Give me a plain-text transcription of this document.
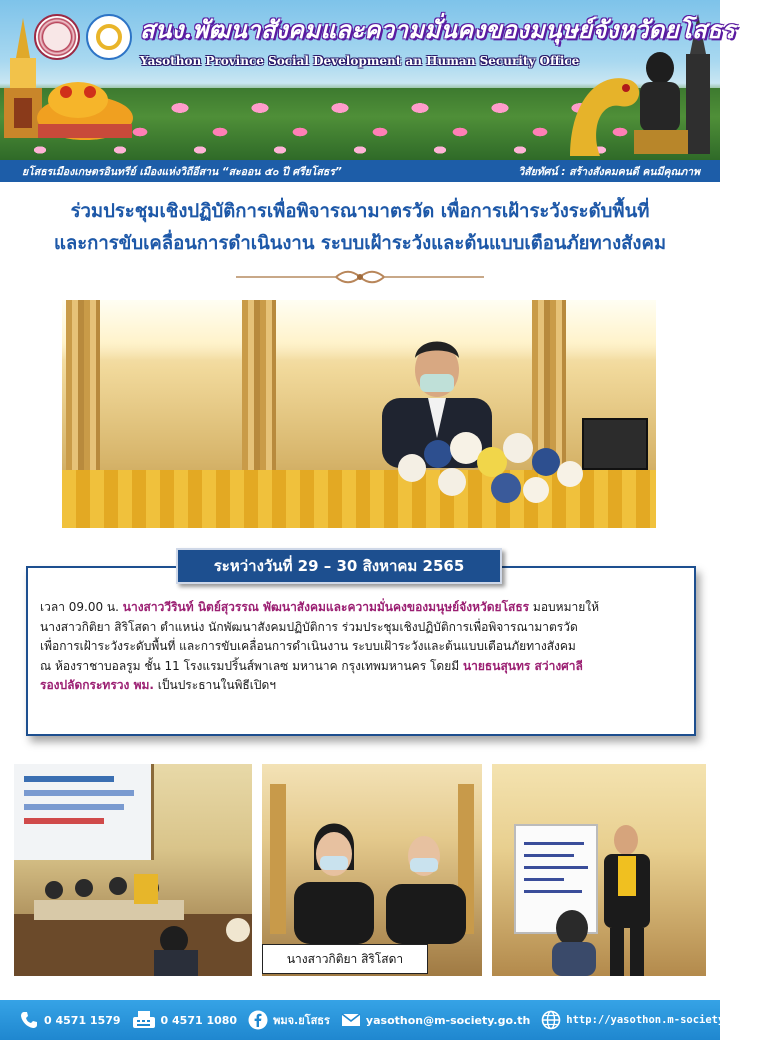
สนง.พัฒนาสังคมและความมั่นคงของมนุษย์จังหวัดยโสธร
Yasothon Province Social Development an Human Security Office
ยโสธรเมืองเกษตรอินทรีย์ เมืองแห่งวิถีอีสาน “สะออน ๕๐ ปี ศรียโสธร”	วิสัยทัศน์ : สร้างสังคมคนดี คนมีคุณภาพ
ร่วมประชุมเชิงปฏิบัติการเพื่อพิจารณามาตรวัด เพื่อการเฝ้าระวังระดับพื้นที่
และการขับเคลื่อนการดำเนินงาน ระบบเฝ้าระวังและต้นแบบเตือนภัยทางสังคม
ระหว่างวันที่ 29 – 30 สิงหาคม 2565

เวลา 09.00 น. นางสาววีรินท์ นิตย์สุวรรณ พัฒนาสังคมและความมั่นคงของมนุษย์จังหวัดยโสธร มอบหมายให้
นางสาวกิติยา สิริโสดา ตำแหน่ง นักพัฒนาสังคมปฏิบัติการ ร่วมประชุมเชิงปฏิบัติการเพื่อพิจารณามาตรวัด
เพื่อการเฝ้าระวังระดับพื้นที่ และการขับเคลื่อนการดำเนินงาน ระบบเฝ้าระวังและต้นแบบเตือนภัยทางสังคม
ณ ห้องราชาบอลรูม ชั้น 11 โรงแรมปริ้นส์พาเลซ มหานาค กรุงเทพมหานคร โดยมี นายธนสุนทร สว่างศาลี
รองปลัดกระทรวง พม. เป็นประธานในพิธีเปิดฯ

นางสาวกิติยา สิริโสดา
0 4571 1579	0 4571 1080	พมจ.ยโสธร	yasothon@m-society.go.th	http://yasothon.m-society.go.th/
